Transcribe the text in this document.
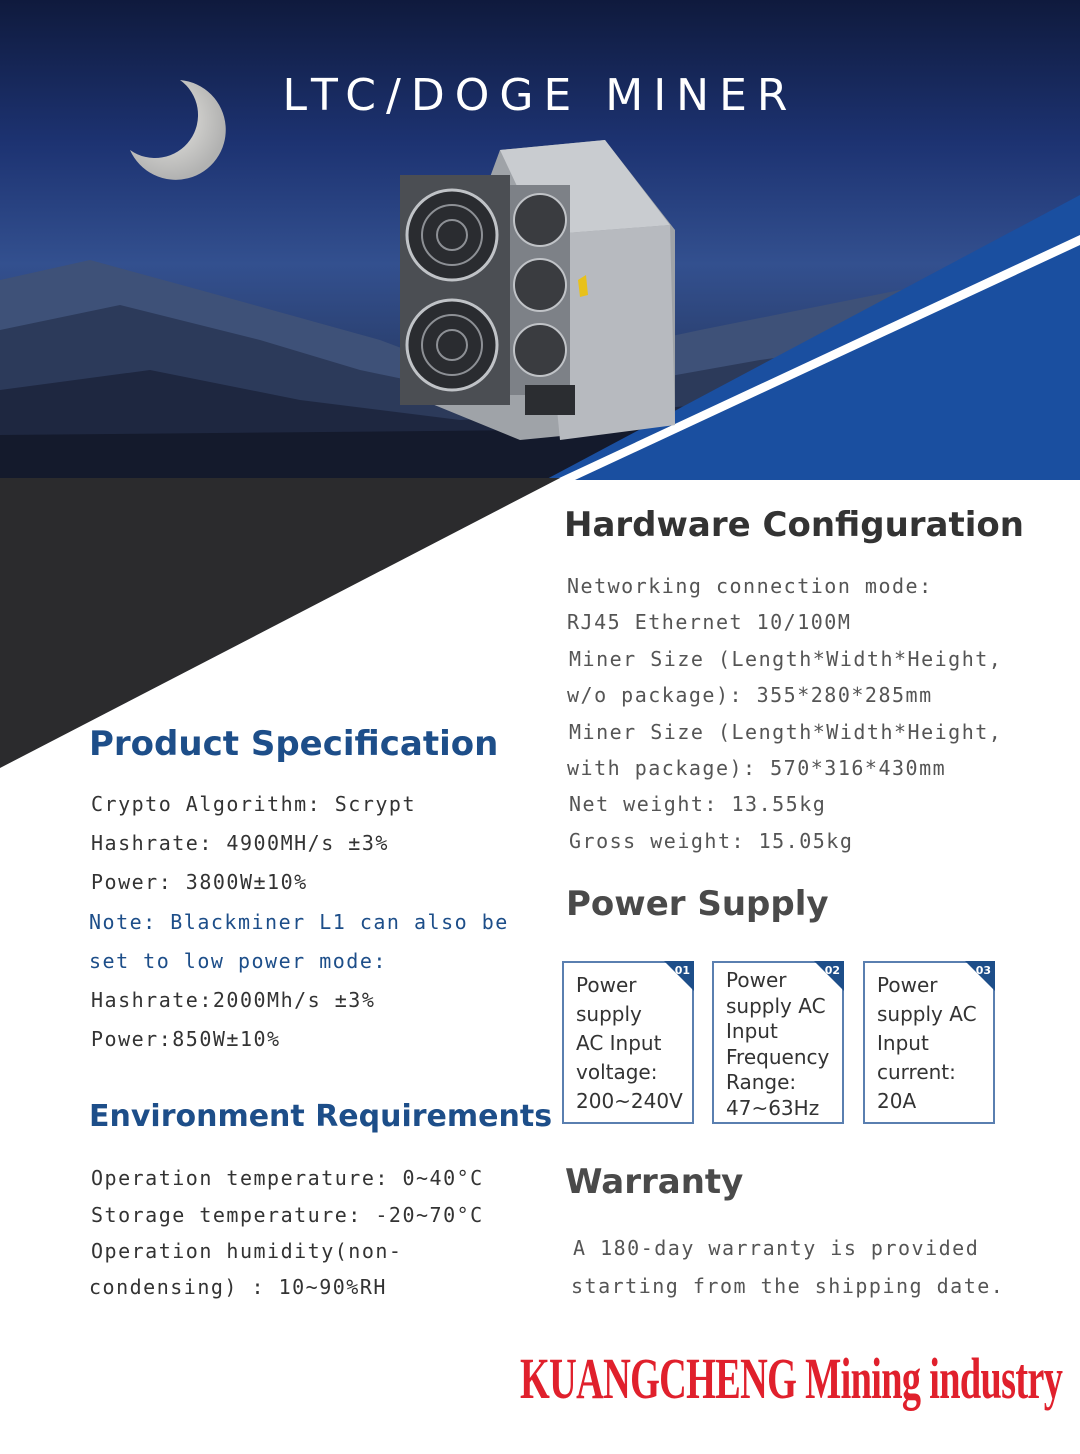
LTC/DOGE MINER
Product Specification

Crypto Algorithm: Scrypt

Hashrate: 4900MH/s ±3%

Power: 3800W±10%

Note: Blackminer L1 can also be

set to low power mode:

Hashrate:2000Mh/s ±3%

Power:850W±10%

Environment Requirements

Operation temperature: 0~40°C

Storage temperature: -20~70°C

Operation humidity(non-

condensing) : 10~90%RH

Hardware Configuration

Networking connection mode:

RJ45 Ethernet 10/100M

Miner Size (Length*Width*Height,

w/o package): 355*280*285mm

Miner Size (Length*Width*Height,

with package): 570*316*430mm

Net weight: 13.55kg

Gross weight: 15.05kg

Power Supply
01
Power
supply
AC Input
voltage:
200~240V
02
Power
supply AC
Input
Frequency
Range:
47~63Hz
03
Power
supply AC
Input
current:
20A
Warranty

A 180-day warranty is provided

starting from the shipping date.

KUANGCHENG Mining industry
